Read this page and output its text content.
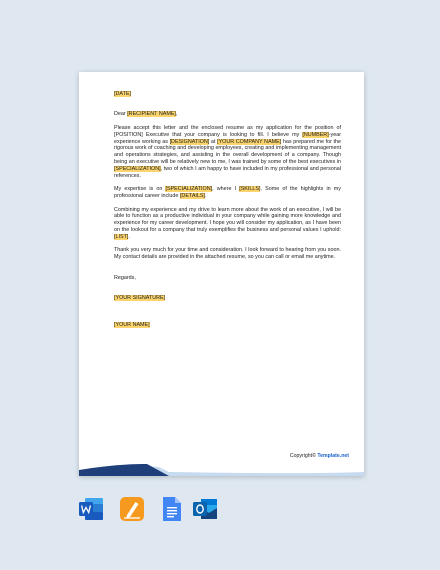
[DATE]

Dear [RECIPIENT NAME],

Please accept this letter and the enclosed resume as my application for the position of [POSITION] Executive that your company is looking to fill. I believe my [NUMBER]-year experience working as [DESIGNATION] at [YOUR COMPANY NAME] has prepared me for the rigorous work of coaching and developing employees, creating and implementing management and operations strategies, and assisting in the overall development of a company. Though being an executive will be relatively new to me, I was trained by some of the best executives in [SPECIALIZATION], two of which I am happy to have included in my professional and personal references.

My expertise is on [SPECIALIZATION], where I [SKILLS]. Some of the highlights in my professional career include [DETAILS].

Combining my experience and my drive to learn more about the work of an executive, I will be able to function as a productive individual in your company while gaining more knowledge and experience for my career development. I hope you will consider my application, as I have been on the lookout for a company that truly exemplifies the business and personal values I uphold: [LIST].

Thank you very much for your time and consideration. I look forward to hearing from you soon. My contact details are provided in the attached resume, so you can call or email me anytime.

Regards,

[YOUR SIGNATURE]

[YOUR NAME]

Copyright© Template.net
